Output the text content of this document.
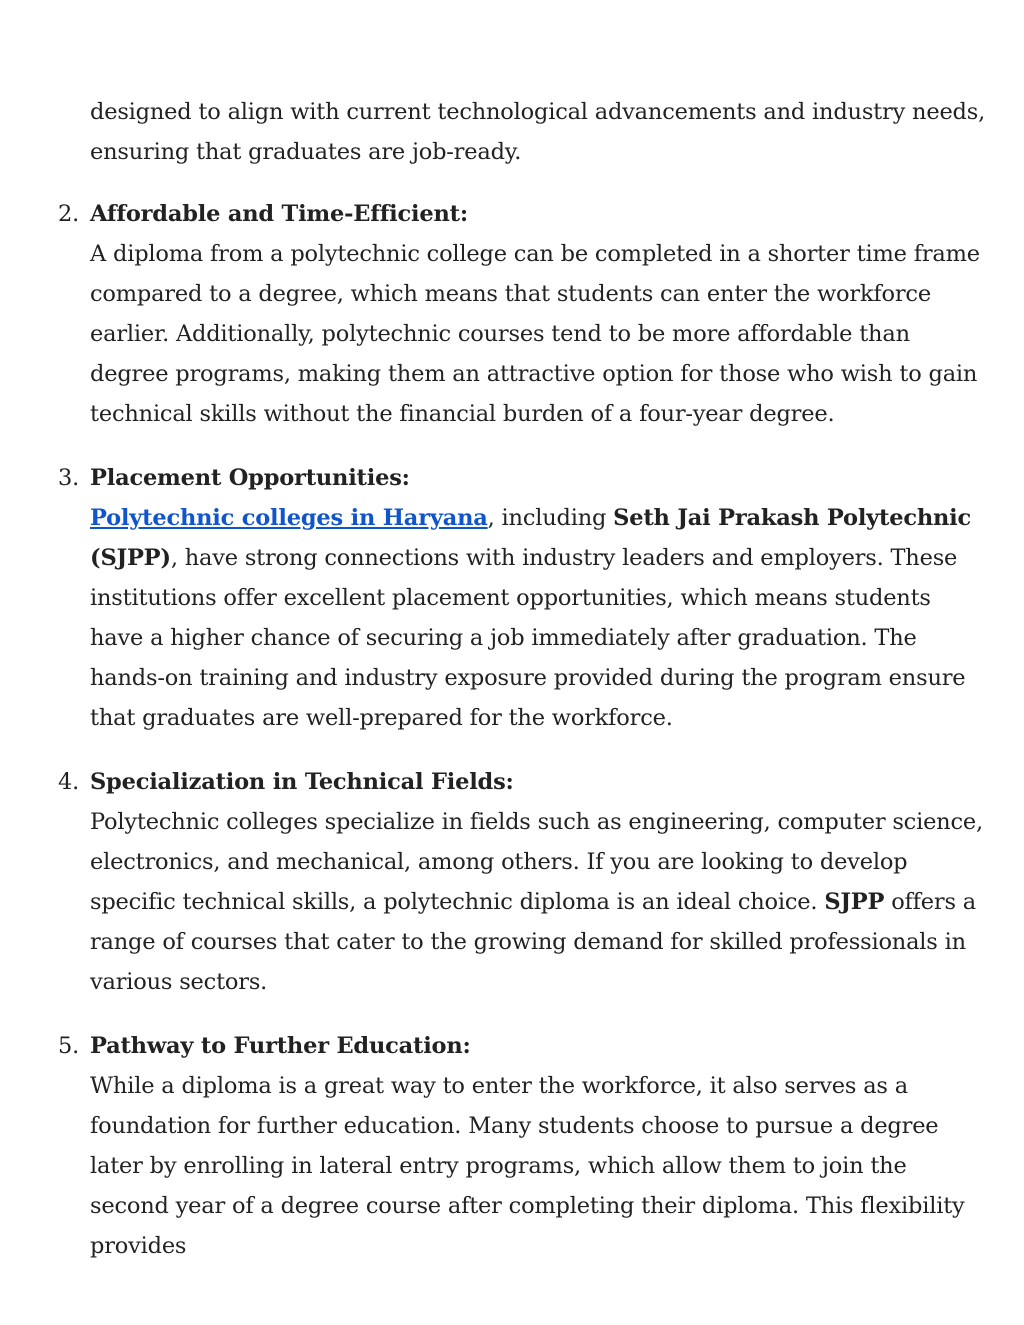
designed to align with current technological advancements and industry needs, ensuring that graduates are job-ready.

2. Affordable and Time-Efficient:

A diploma from a polytechnic college can be completed in a shorter time frame compared to a degree, which means that students can enter the workforce earlier. Additionally, polytechnic courses tend to be more affordable than degree programs, making them an attractive option for those who wish to gain technical skills without the financial burden of a four-year degree.

3. Placement Opportunities:

Polytechnic colleges in Haryana, including Seth Jai Prakash Polytechnic (SJPP), have strong connections with industry leaders and employers. These institutions offer excellent placement opportunities, which means students have a higher chance of securing a job immediately after graduation. The hands-on training and industry exposure provided during the program ensure that graduates are well-prepared for the workforce.

4. Specialization in Technical Fields:

Polytechnic colleges specialize in fields such as engineering, computer science, electronics, and mechanical, among others. If you are looking to develop specific technical skills, a polytechnic diploma is an ideal choice. SJPP offers a range of courses that cater to the growing demand for skilled professionals in various sectors.

5. Pathway to Further Education:

While a diploma is a great way to enter the workforce, it also serves as a foundation for further education. Many students choose to pursue a degree later by enrolling in lateral entry programs, which allow them to join the second year of a degree course after completing their diploma. This flexibility provides
